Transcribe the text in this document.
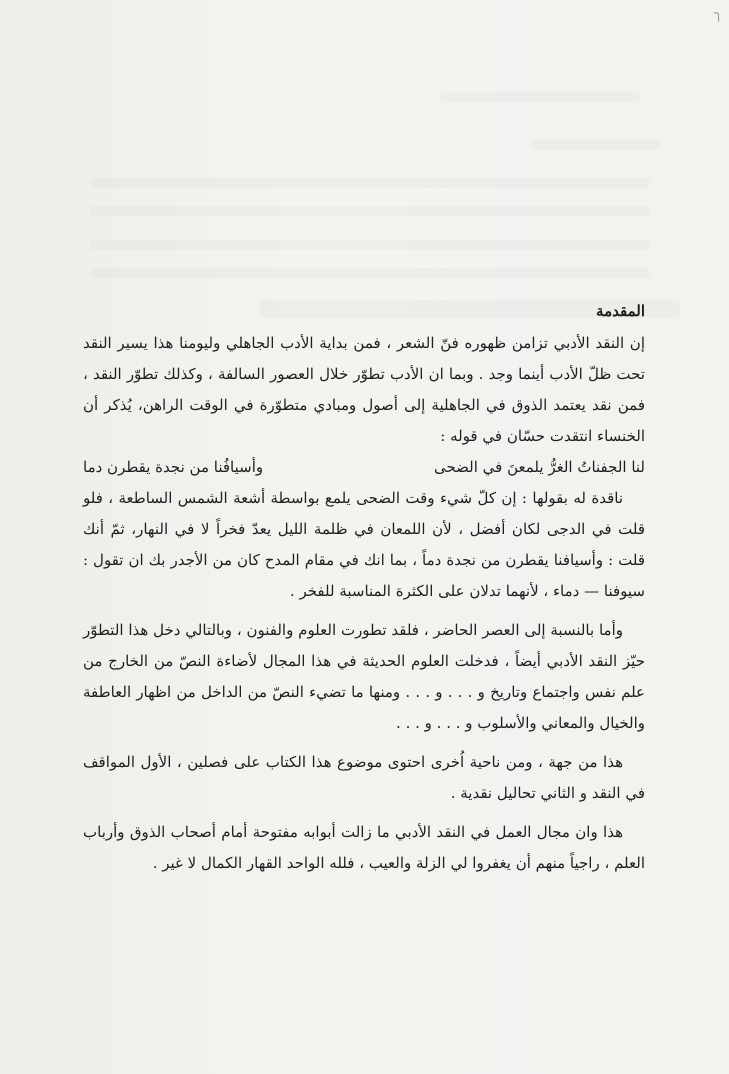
╮
المقدمة

إن النقد الأدبي تزامن ظهوره فنّ الشعر ، فمن بداية الأدب الجاهلي وليومنا هذا يسير النقد تحت ظلّ الأدب أينما وجد . وبما ان الأدب تطوّر خلال العصور السالفة ، وكذلك تطوّر النقد ، فمن نقد يعتمد الذوق في الجاهلية إلى أصول ومبادي متطوّرة في الوقت الراهن، يُذكر أن الخنساء انتقدت حسّان في قوله :

لنا الجفناتُ الغرُّ يلمعنَ في الضحى
وأسيافُنا من نجدة يقطرن دما

ناقدة له بقولها : إن كلّ شيء وقت الضحى يلمع بواسطة أشعة الشمس الساطعة ، فلو قلت في الدجى لكان أفضل ، لأن اللمعان في ظلمة الليل يعدّ فخراً لا في النهار، ثمّ أنك قلت : وأسيافنا يقطرن من نجدة دماً ، بما انك في مقام المدح كان من الأجدر بك ان تقول : سيوفنا — دماء ، لأنهما تدلان على الكثرة المناسبة للفخر .

وأما بالنسبة إلى العصر الحاضر ، فلقد تطورت العلوم والفنون ، وبالتالي دخل هذا التطوّر حيّز النقد الأدبي أيضاً ، فدخلت العلوم الحديثة في هذا المجال لأضاءة النصّ من الخارج من علم نفس واجتماع وتاريخ و . . . و . . . ومنها ما تضيء النصّ من الداخل من اظهار العاطفة والخيال والمعاني والأسلوب و . . . و . . .

هذا من جهة ، ومن ناحية اُخرى احتوى موضوع هذا الكتاب على فصلين ، الأول المواقف في النقد و الثاني تحاليل نقدية .

هذا وان مجال العمل في النقد الأدبي ما زالت أبوابه مفتوحة أمام أصحاب الذوق وأرباب العلم ، راجياً منهم أن يغفروا لي الزلة والعيب ، فلله الواحد القهار الكمال لا غير .
